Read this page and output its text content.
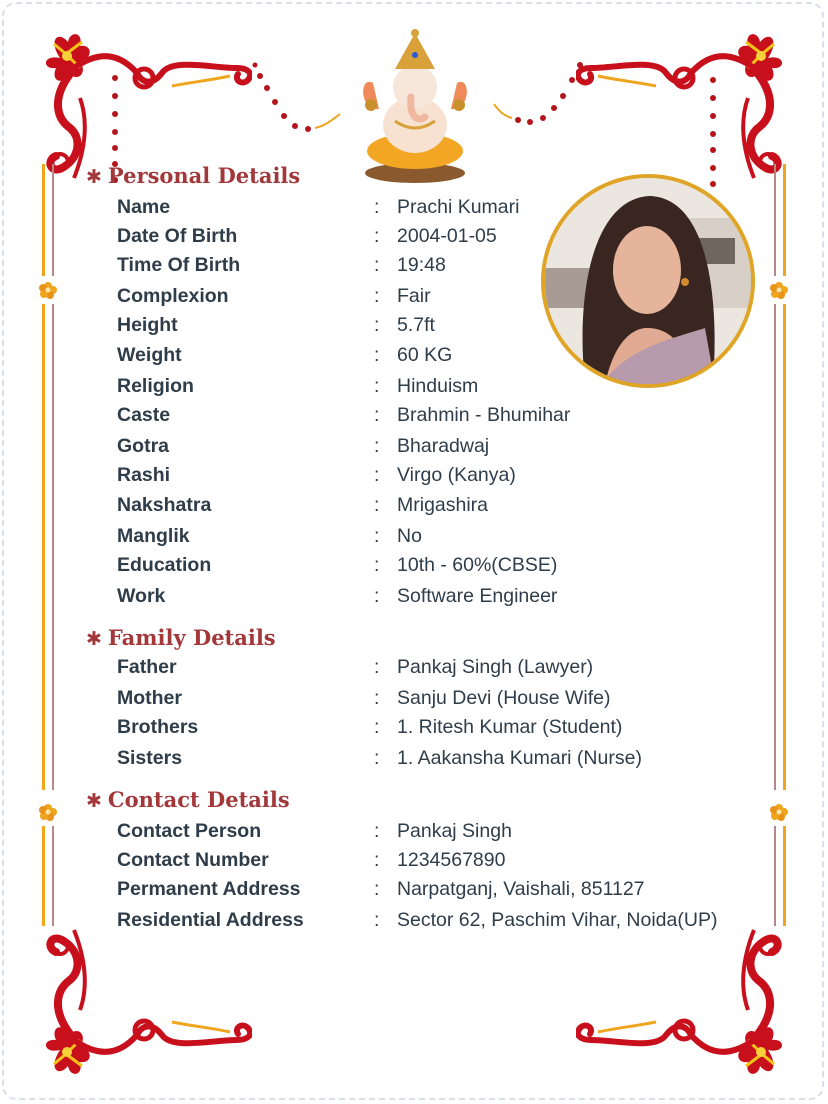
✱ Personal Details
Name	: Prachi Kumari
Date Of Birth	: 2004-01-05
Time Of Birth	: 19:48
Complexion	: Fair
Height	: 5.7ft
Weight	: 60 KG
Religion	: Hinduism
Caste	: Brahmin - Bhumihar
Gotra	: Bharadwaj
Rashi	: Virgo (Kanya)
Nakshatra	: Mrigashira
Manglik	: No
Education	: 10th - 60%(CBSE)
Work	: Software Engineer
✱ Family Details
Father	: Pankaj Singh (Lawyer)
Mother	: Sanju Devi (House Wife)
Brothers	: 1. Ritesh Kumar (Student)
Sisters	: 1. Aakansha Kumari (Nurse)
✱ Contact Details
Contact Person	: Pankaj Singh
Contact Number	: 1234567890
Permanent Address	: Narpatganj, Vaishali, 851127
Residential Address	: Sector 62, Paschim Vihar, Noida(UP)
